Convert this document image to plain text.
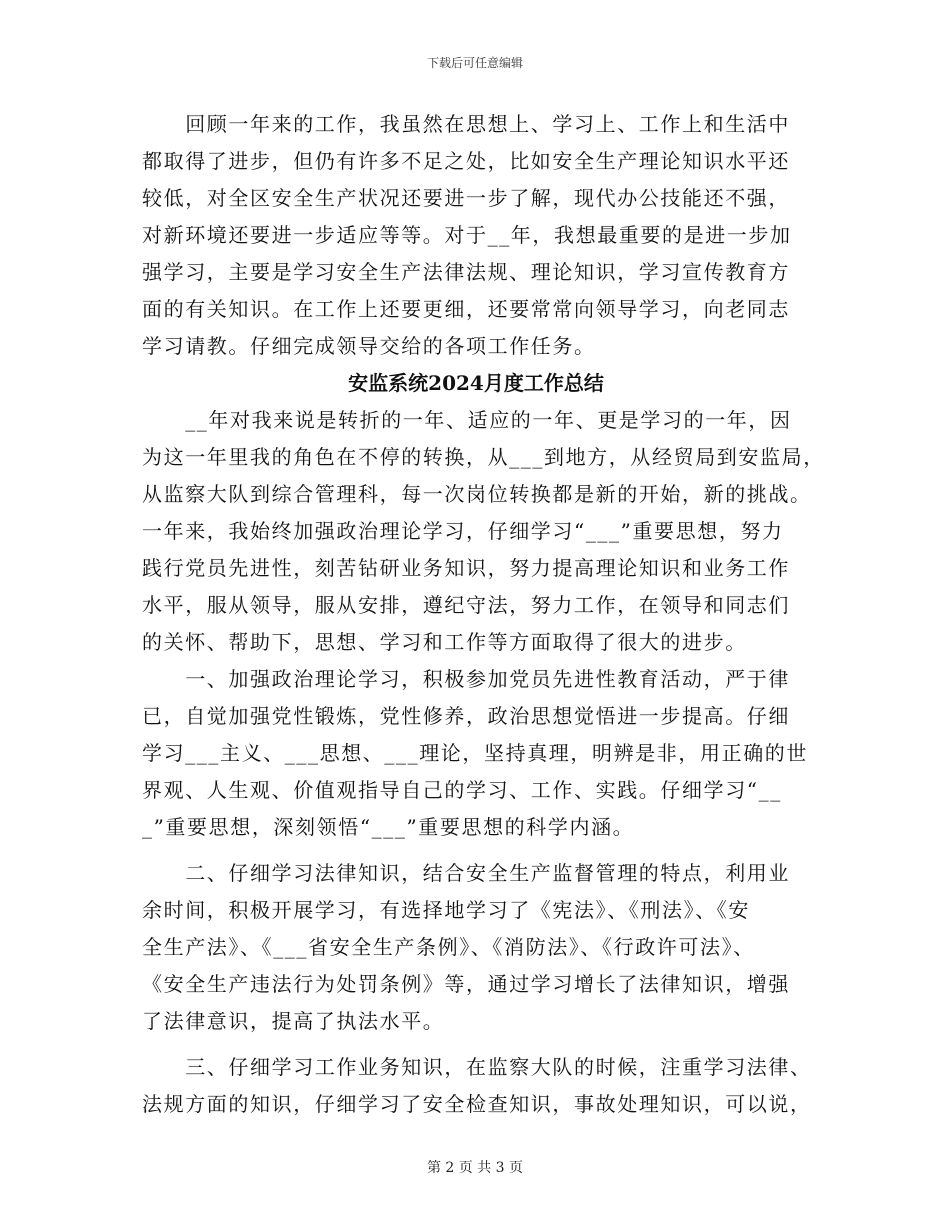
下载后可任意编辑
　　回顾一年来的工作，我虽然在思想上、学习上、工作上和生活中
都取得了进步，但仍有许多不足之处，比如安全生产理论知识水平还
较低，对全区安全生产状况还要进一步了解，现代办公技能还不强，
对新环境还要进一步适应等等。对于__年，我想最重要的是进一步加
强学习，主要是学习安全生产法律法规、理论知识，学习宣传教育方
面的有关知识。在工作上还要更细，还要常常向领导学习，向老同志
学习请教。仔细完成领导交给的各项工作任务。
安监系统2024月度工作总结
　　__年对我来说是转折的一年、适应的一年、更是学习的一年，因
为这一年里我的角色在不停的转换，从___到地方，从经贸局到安监局，
从监察大队到综合管理科，每一次岗位转换都是新的开始，新的挑战。
一年来，我始终加强政治理论学习，仔细学习“___”重要思想，努力
践行党员先进性，刻苦钻研业务知识，努力提高理论知识和业务工作
水平，服从领导，服从安排，遵纪守法，努力工作，在领导和同志们
的关怀、帮助下，思想、学习和工作等方面取得了很大的进步。
　　一、加强政治理论学习，积极参加党员先进性教育活动，严于律
已，自觉加强党性锻炼，党性修养，政治思想觉悟进一步提高。仔细
学习___主义、___思想、___理论，坚持真理，明辨是非，用正确的世
界观、人生观、价值观指导自己的学习、工作、实践。仔细学习“__
_”重要思想，深刻领悟“___”重要思想的科学内涵。
　　二、仔细学习法律知识，结合安全生产监督管理的特点，利用业
余时间，积极开展学习，有选择地学习了《宪法》、《刑法》、《安
全生产法》、《___省安全生产条例》、《消防法》、《行政许可法》、
《安全生产违法行为处罚条例》等，通过学习增长了法律知识，增强
了法律意识，提高了执法水平。
　　三、仔细学习工作业务知识，在监察大队的时候，注重学习法律、
法规方面的知识，仔细学习了安全检查知识，事故处理知识，可以说，
第 2 页 共 3 页
